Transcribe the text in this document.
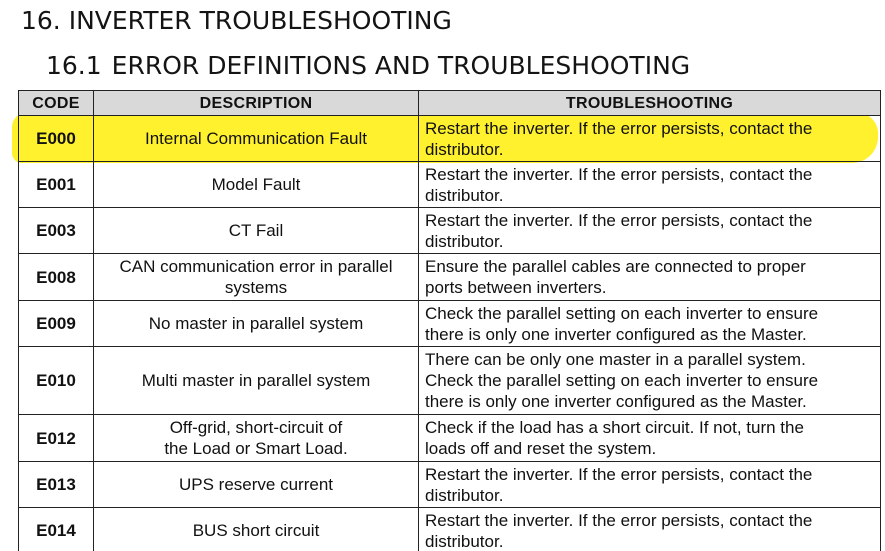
16. INVERTER TROUBLESHOOTING
16.1 ERROR DEFINITIONS AND TROUBLESHOOTING
CODE	DESCRIPTION	TROUBLESHOOTING
E000	Internal Communication Fault	Restart the inverter. If the error persists, contact the
distributor.

E001	Model Fault	Restart the inverter. If the error persists, contact the
distributor.

E003	CT Fail	Restart the inverter. If the error persists, contact the
distributor.

E008	CAN communication error in parallel
systems	Ensure the parallel cables are connected to proper
ports between inverters.

E009	No master in parallel system	Check the parallel setting on each inverter to ensure
there is only one inverter configured as the Master.

E010	Multi master in parallel system	There can be only one master in a parallel system.
Check the parallel setting on each inverter to ensure
there is only one inverter configured as the Master.

E012	Off-grid, short-circuit of
the Load or Smart Load.	Check if the load has a short circuit. If not, turn the
loads off and reset the system.

E013	UPS reserve current	Restart the inverter. If the error persists, contact the
distributor.

E014	BUS short circuit	Restart the inverter. If the error persists, contact the
distributor.
